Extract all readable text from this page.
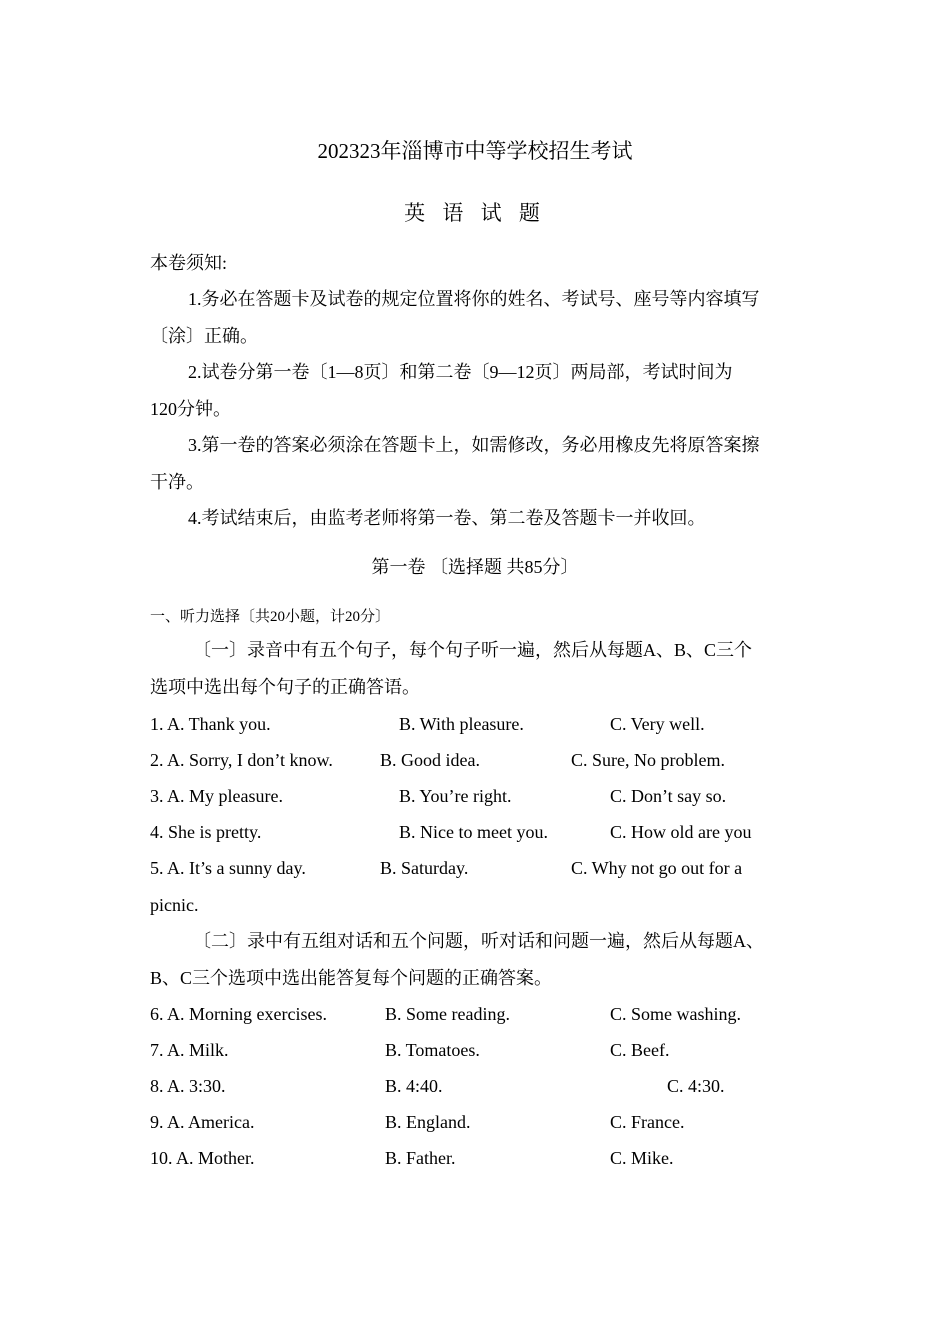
202323年淄博市中等学校招生考试
英 语 试 题
本卷须知:
1.务必在答题卡及试卷的规定位置将你的姓名、考试号、座号等内容填写
〔涂〕正确。
2.试卷分第一卷〔1—8页〕和第二卷〔9—12页〕两局部，考试时间为
120分钟。
3.第一卷的答案必须涂在答题卡上，如需修改，务必用橡皮先将原答案擦
干净。
4.考试结束后，由监考老师将第一卷、第二卷及答题卡一并收回。
第一卷 〔选择题 共85分〕
一、听力选择〔共20小题，计20分〕
〔一〕录音中有五个句子，每个句子听一遍，然后从每题A、B、C三个
选项中选出每个句子的正确答语。
1. A. Thank you.	B. With pleasure.	C. Very well.
2. A. Sorry, I don’t know.	B. Good idea.	C. Sure, No problem.
3. A. My pleasure.	B. You’re right.	C. Don’t say so.
4. She is pretty.	B. Nice to meet you.	C. How old are you
5. A. It’s a sunny day.	B. Saturday.	C. Why not go out for a
picnic.
〔二〕录中有五组对话和五个问题，听对话和问题一遍，然后从每题A、
B、C三个选项中选出能答复每个问题的正确答案。
6. A. Morning exercises.	B. Some reading.	C. Some washing.
7. A. Milk.	B. Tomatoes.	C. Beef.
8. A. 3:30.	B. 4:40.	C. 4:30.
9. A. America.	B. England.	C. France.
10. A. Mother.	B. Father.	C. Mike.
